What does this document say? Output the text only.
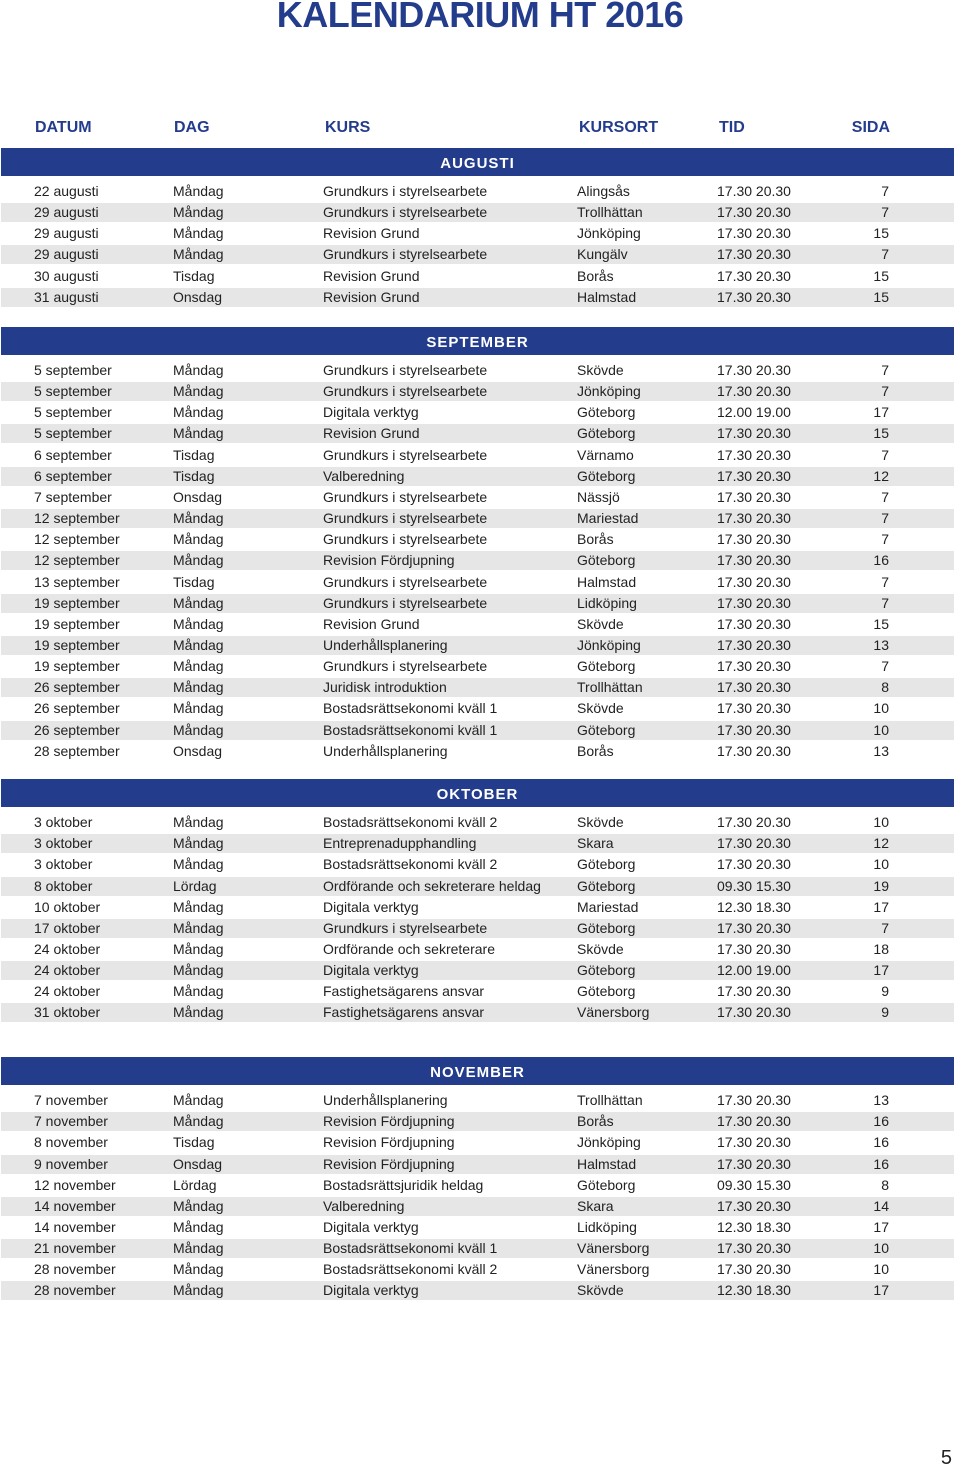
KALENDARIUM HT 2016
DATUM	DAG	KURS	KURSORT	TID	SIDA
AUGUSTI
22 augusti	Måndag	Grundkurs i styrelsearbete	Alingsås	17.30 20.30	7
29 augusti	Måndag	Grundkurs i styrelsearbete	Trollhättan	17.30 20.30	7
29 augusti	Måndag	Revision Grund	Jönköping	17.30 20.30	15
29 augusti	Måndag	Grundkurs i styrelsearbete	Kungälv	17.30 20.30	7
30 augusti	Tisdag	Revision Grund	Borås	17.30 20.30	15
31 augusti	Onsdag	Revision Grund	Halmstad	17.30 20.30	15
SEPTEMBER
5 september	Måndag	Grundkurs i styrelsearbete	Skövde	17.30 20.30	7
5 september	Måndag	Grundkurs i styrelsearbete	Jönköping	17.30 20.30	7
5 september	Måndag	Digitala verktyg	Göteborg	12.00 19.00	17
5 september	Måndag	Revision Grund	Göteborg	17.30 20.30	15
6 september	Tisdag	Grundkurs i styrelsearbete	Värnamo	17.30 20.30	7
6 september	Tisdag	Valberedning	Göteborg	17.30 20.30	12
7 september	Onsdag	Grundkurs i styrelsearbete	Nässjö	17.30 20.30	7
12 september	Måndag	Grundkurs i styrelsearbete	Mariestad	17.30 20.30	7
12 september	Måndag	Grundkurs i styrelsearbete	Borås	17.30 20.30	7
12 september	Måndag	Revision Fördjupning	Göteborg	17.30 20.30	16
13 september	Tisdag	Grundkurs i styrelsearbete	Halmstad	17.30 20.30	7
19 september	Måndag	Grundkurs i styrelsearbete	Lidköping	17.30 20.30	7
19 september	Måndag	Revision Grund	Skövde	17.30 20.30	15
19 september	Måndag	Underhållsplanering	Jönköping	17.30 20.30	13
19 september	Måndag	Grundkurs i styrelsearbete	Göteborg	17.30 20.30	7
26 september	Måndag	Juridisk introduktion	Trollhättan	17.30 20.30	8
26 september	Måndag	Bostadsrättsekonomi kväll 1	Skövde	17.30 20.30	10
26 september	Måndag	Bostadsrättsekonomi kväll 1	Göteborg	17.30 20.30	10
28 september	Onsdag	Underhållsplanering	Borås	17.30 20.30	13
OKTOBER
3 oktober	Måndag	Bostadsrättsekonomi kväll 2	Skövde	17.30 20.30	10
3 oktober	Måndag	Entreprenadupphandling	Skara	17.30 20.30	12
3 oktober	Måndag	Bostadsrättsekonomi kväll 2	Göteborg	17.30 20.30	10
8 oktober	Lördag	Ordförande och sekreterare heldag	Göteborg	09.30 15.30	19
10 oktober	Måndag	Digitala verktyg	Mariestad	12.30 18.30	17
17 oktober	Måndag	Grundkurs i styrelsearbete	Göteborg	17.30 20.30	7
24 oktober	Måndag	Ordförande och sekreterare	Skövde	17.30 20.30	18
24 oktober	Måndag	Digitala verktyg	Göteborg	12.00 19.00	17
24 oktober	Måndag	Fastighetsägarens ansvar	Göteborg	17.30 20.30	9
31 oktober	Måndag	Fastighetsägarens ansvar	Vänersborg	17.30 20.30	9
NOVEMBER
7 november	Måndag	Underhållsplanering	Trollhättan	17.30 20.30	13
7 november	Måndag	Revision Fördjupning	Borås	17.30 20.30	16
8 november	Tisdag	Revision Fördjupning	Jönköping	17.30 20.30	16
9 november	Onsdag	Revision Fördjupning	Halmstad	17.30 20.30	16
12 november	Lördag	Bostadsrättsjuridik heldag	Göteborg	09.30 15.30	8
14 november	Måndag	Valberedning	Skara	17.30 20.30	14
14 november	Måndag	Digitala verktyg	Lidköping	12.30 18.30	17
21 november	Måndag	Bostadsrättsekonomi kväll 1	Vänersborg	17.30 20.30	10
28 november	Måndag	Bostadsrättsekonomi kväll 2	Vänersborg	17.30 20.30	10
28 november	Måndag	Digitala verktyg	Skövde	12.30 18.30	17
5
